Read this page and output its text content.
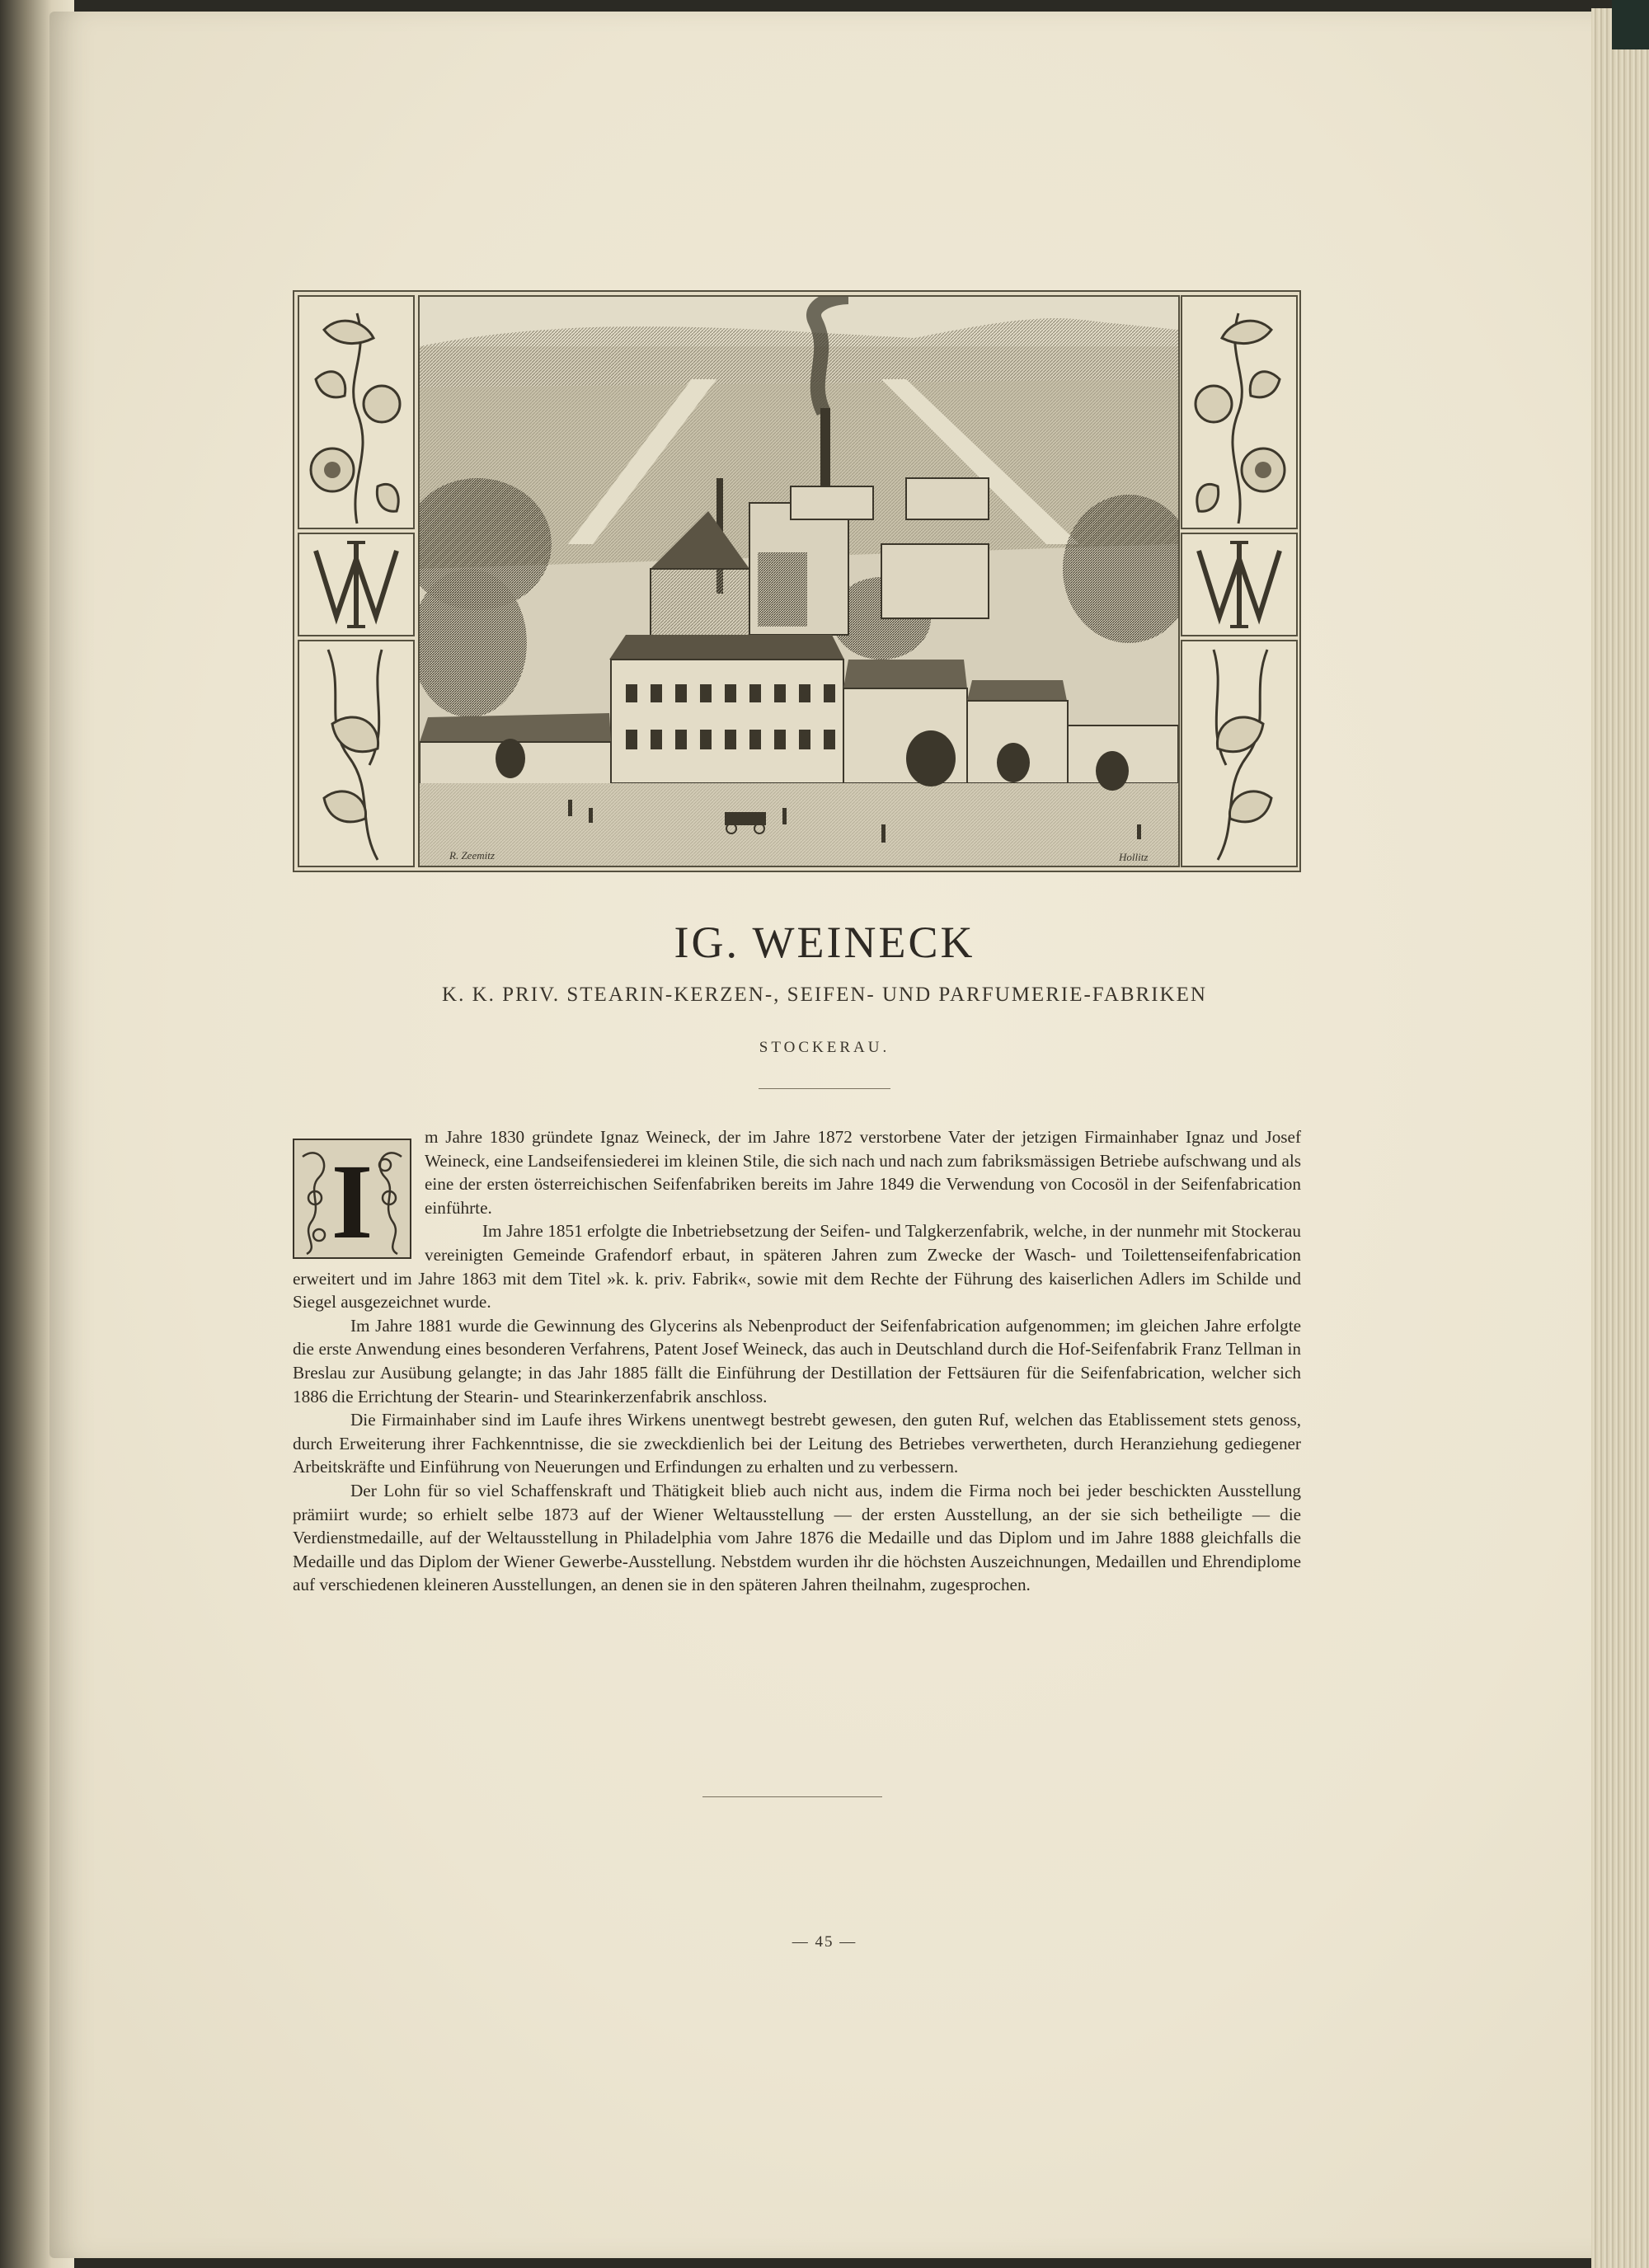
R. Zeemitz	Hollitz
IG. WEINECK
K. K. PRIV. STEARIN-KERZEN-, SEIFEN- UND PARFUMERIE-FABRIKEN
STOCKERAU.
I

m Jahre 1830 gründete Ignaz Weineck, der im Jahre 1872 verstorbene Vater der jetzigen Firmainhaber Ignaz und Josef Weineck, eine Landseifensiederei im kleinen Stile, die sich nach und nach zum fabriksmässigen Betriebe aufschwang und als eine der ersten österreichischen Seifenfabriken bereits im Jahre 1849 die Verwendung von Cocosöl in der Seifenfabrication einführte.

Im Jahre 1851 erfolgte die Inbetriebsetzung der Seifen- und Talgkerzenfabrik, welche, in der nunmehr mit Stockerau vereinigten Gemeinde Grafendorf erbaut, in späteren Jahren zum Zwecke der Wasch- und Toilettenseifenfabrication erweitert und im Jahre 1863 mit dem Titel »k. k. priv. Fabrik«, sowie mit dem Rechte der Führung des kaiserlichen Adlers im Schilde und Siegel ausgezeichnet wurde.

Im Jahre 1881 wurde die Gewinnung des Glycerins als Nebenproduct der Seifenfabrication aufgenommen; im gleichen Jahre erfolgte die erste Anwendung eines besonderen Verfahrens, Patent Josef Weineck, das auch in Deutschland durch die Hof-Seifenfabrik Franz Tellman in Breslau zur Ausübung gelangte; in das Jahr 1885 fällt die Einführung der Destillation der Fettsäuren für die Seifenfabrication, welcher sich 1886 die Errichtung der Stearin- und Stearinkerzenfabrik anschloss.

Die Firmainhaber sind im Laufe ihres Wirkens unentwegt bestrebt gewesen, den guten Ruf, welchen das Etablissement stets genoss, durch Erweiterung ihrer Fachkenntnisse, die sie zweckdienlich bei der Leitung des Betriebes verwertheten, durch Heranziehung gediegener Arbeitskräfte und Einführung von Neuerungen und Erfindungen zu erhalten und zu verbessern.

Der Lohn für so viel Schaffenskraft und Thätigkeit blieb auch nicht aus, indem die Firma noch bei jeder beschickten Ausstellung prämiirt wurde; so erhielt selbe 1873 auf der Wiener Weltausstellung — der ersten Ausstellung, an der sie sich betheiligte — die Verdienstmedaille, auf der Weltausstellung in Philadelphia vom Jahre 1876 die Medaille und das Diplom und im Jahre 1888 gleichfalls die Medaille und das Diplom der Wiener Gewerbe-Ausstellung. Nebstdem wurden ihr die höchsten Auszeichnungen, Medaillen und Ehrendiplome auf verschiedenen kleineren Ausstellungen, an denen sie in den späteren Jahren theilnahm, zugesprochen.

— 45 —
